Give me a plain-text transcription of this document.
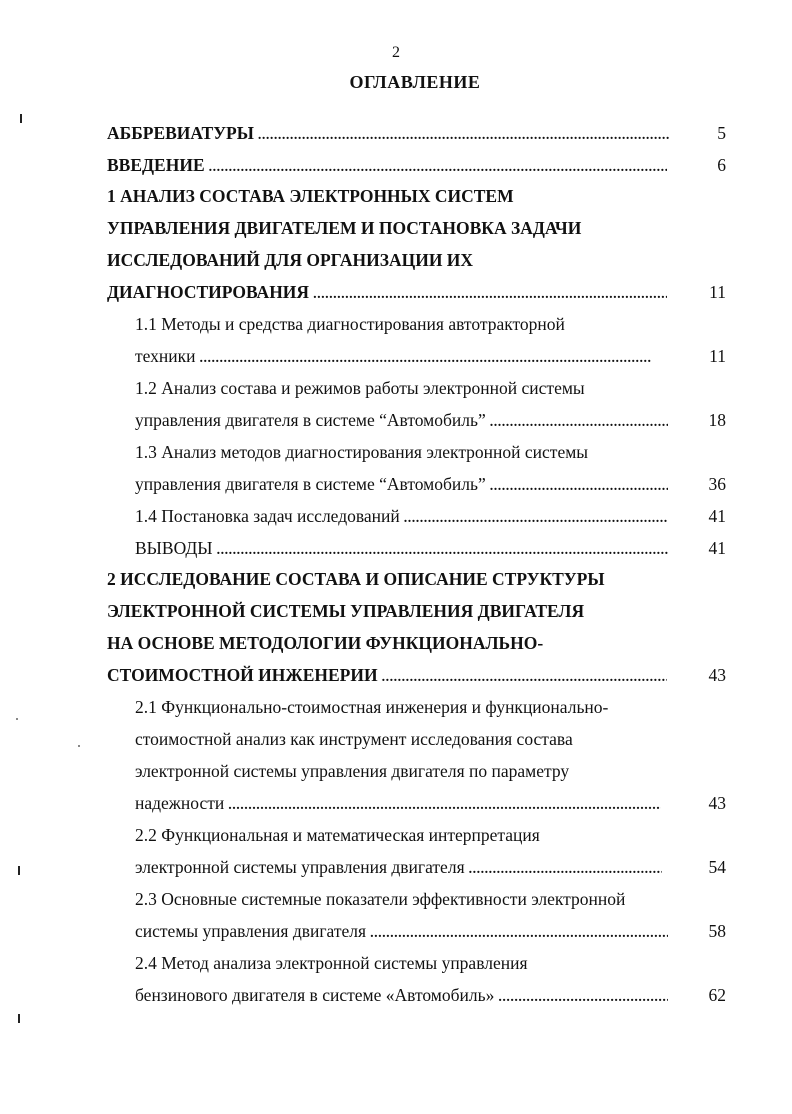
2
ОГЛАВЛЕНИЕ
АББРЕВИАТУРЫ .....	5
ВВЕДЕНИЕ .....	6
1 АНАЛИЗ СОСТАВА ЭЛЕКТРОННЫХ СИСТЕМ
УПРАВЛЕНИЯ ДВИГАТЕЛЕМ И ПОСТАНОВКА ЗАДАЧИ
ИССЛЕДОВАНИЙ ДЛЯ ОРГАНИЗАЦИИ ИХ
ДИАГНОСТИРОВАНИЯ .....	11
1.1 Методы и средства диагностирования автотракторной
техники .....	11
1.2 Анализ состава и режимов работы электронной системы
управления двигателя в системе “Автомобиль” .....	18
1.3 Анализ методов диагностирования электронной системы
управления двигателя в системе “Автомобиль” .....	36
1.4 Постановка задач исследований .....	41
ВЫВОДЫ .....	41
2 ИССЛЕДОВАНИЕ СОСТАВА И ОПИСАНИЕ СТРУКТУРЫ
ЭЛЕКТРОННОЙ СИСТЕМЫ УПРАВЛЕНИЯ ДВИГАТЕЛЯ
НА ОСНОВЕ МЕТОДОЛОГИИ ФУНКЦИОНАЛЬНО-
СТОИМОСТНОЙ ИНЖЕНЕРИИ .....	43
2.1 Функционально-стоимостная инженерия и функционально-
стоимостной анализ как инструмент исследования состава
электронной системы управления двигателя по параметру
надежности .....	43
2.2 Функциональная и математическая интерпретация
электронной системы управления двигателя .....	54
2.3 Основные системные показатели эффективности электронной
системы управления двигателя .....	58
2.4 Метод анализа электронной системы управления
бензинового двигателя в системе «Автомобиль» .....	62
